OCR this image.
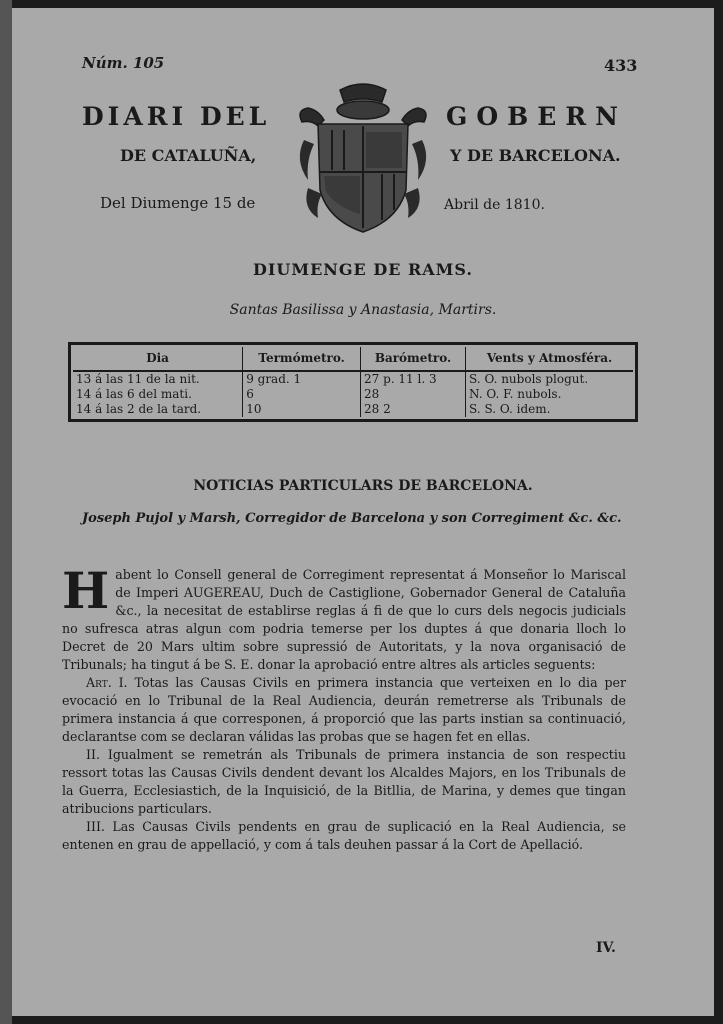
Núm. 105	433
DIARI DEL	GOBERN
DE CATALUÑA,	Y DE BARCELONA.
Del Diumenge 15 de	Abril de 1810.
DIUMENGE DE RAMS.
Santas Basilissa y Anastasia, Martirs.
Dia	Termómetro.	Barómetro.	Vents y Atmosféra.
13 á las 11 de la nit.	9 grad. 1	27 p. 11 l. 3	S. O. nubols plogut.
14 á las 6 del mati.	6	28	N. O. F. nubols.
14 á las 2 de la tard.	10	28 2	S. S. O. idem.
NOTICIAS PARTICULARS DE BARCELONA.
Joseph Pujol y Marsh, Corregidor de Barcelona y son Corregiment &c. &c.

Habent lo Consell general de Corregiment representat á Monseñor lo Mariscal de Imperi AUGEREAU, Duch de Castiglione, Gobernador General de Cataluña &c., la necesitat de establirse reglas á fi de que lo curs dels negocis judicials no sufresca atras algun com podria temerse per los duptes á que donaria lloch lo Decret de 20 Mars ultim sobre supressió de Autoritats, y la nova organisació de Tribunals; ha tingut á be S. E. donar la aprobació entre altres als articles seguents:

Art. I. Totas las Causas Civils en primera instancia que verteixen en lo dia per evocació en lo Tribunal de la Real Audiencia, deurán remetrerse als Tribunals de primera instancia á que corresponen, á proporció que las parts instian sa continuació, declarantse com se declaran válidas las probas que se hagen fet en ellas.

II. Igualment se remetrán als Tribunals de primera instancia de son respectiu ressort totas las Causas Civils dendent devant los Alcaldes Majors, en los Tribunals de la Guerra, Ecclesiastich, de la Inquisició, de la Bitllia, de Marina, y demes que tingan atribucions particulars.

III. Las Causas Civils pendents en grau de suplicació en la Real Audiencia, se entenen en grau de appellació, y com á tals deuhen passar á la Cort de Apellació.

IV.
